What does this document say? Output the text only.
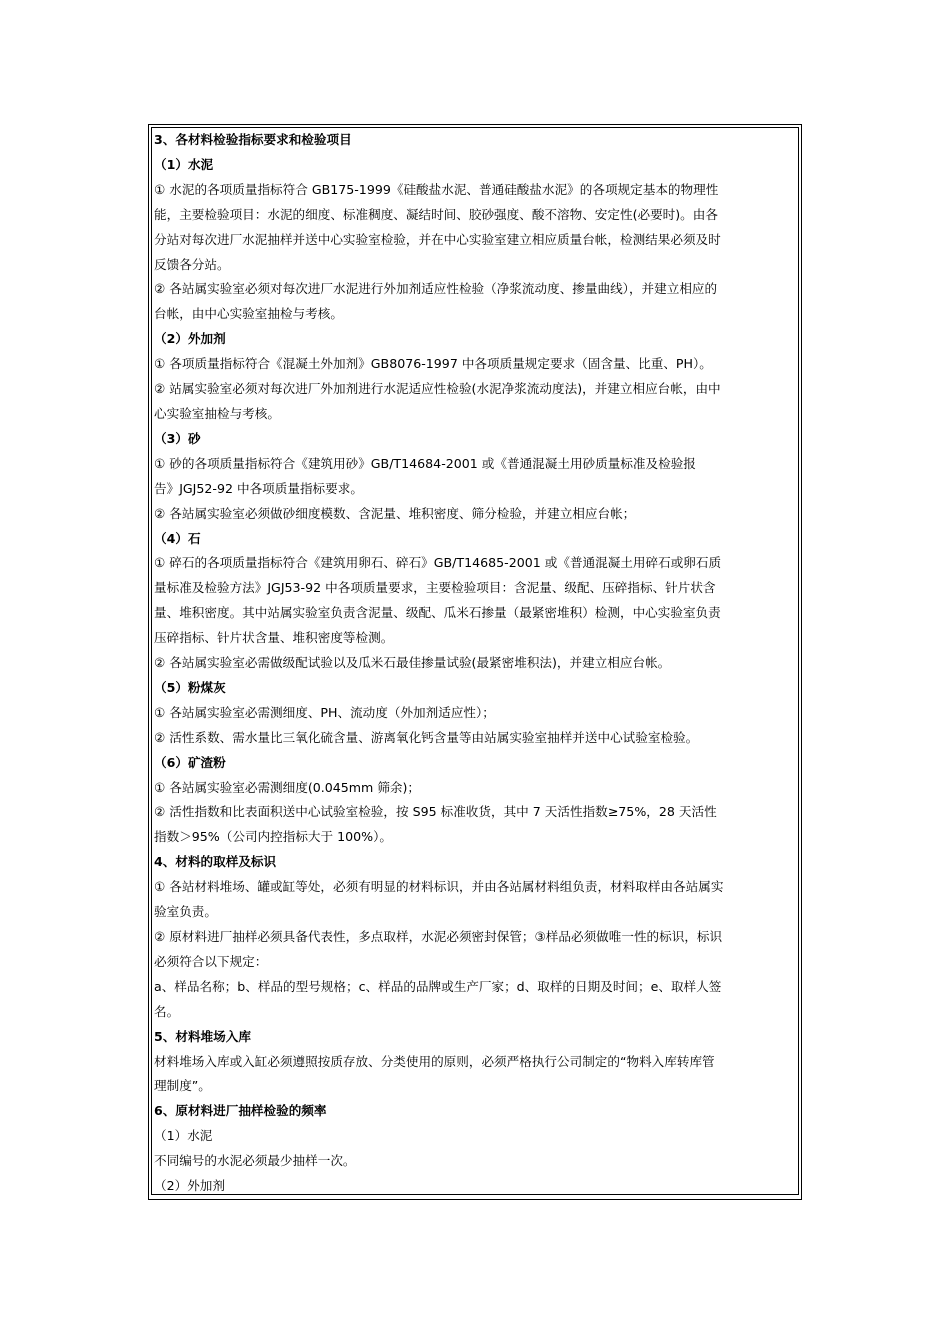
3、各材料检验指标要求和检验项目
（1）水泥
① 水泥的各项质量指标符合 GB175-1999《硅酸盐水泥、普通硅酸盐水泥》的各项规定基本的物理性
能，主要检验项目：水泥的细度、标准稠度、凝结时间、胶砂强度、酸不溶物、安定性(必要时)。由各
分站对每次进厂水泥抽样并送中心实验室检验，并在中心实验室建立相应质量台帐，检测结果必须及时
反馈各分站。
② 各站属实验室必须对每次进厂水泥进行外加剂适应性检验（净浆流动度、掺量曲线），并建立相应的
台帐，由中心实验室抽检与考核。
（2）外加剂
① 各项质量指标符合《混凝土外加剂》GB8076-1997 中各项质量规定要求（固含量、比重、PH）。
② 站属实验室必须对每次进厂外加剂进行水泥适应性检验(水泥净浆流动度法)，并建立相应台帐，由中
心实验室抽检与考核。
（3）砂
① 砂的各项质量指标符合《建筑用砂》GB/T14684-2001 或《普通混凝土用砂质量标准及检验报
告》JGJ52-92 中各项质量指标要求。
② 各站属实验室必须做砂细度模数、含泥量、堆积密度、筛分检验，并建立相应台帐；
（4）石
① 碎石的各项质量指标符合《建筑用卵石、碎石》GB/T14685-2001 或《普通混凝土用碎石或卵石质
量标准及检验方法》JGJ53-92 中各项质量要求，主要检验项目：含泥量、级配、压碎指标、针片状含
量、堆积密度。其中站属实验室负责含泥量、级配、瓜米石掺量（最紧密堆积）检测，中心实验室负责
压碎指标、针片状含量、堆积密度等检测。
② 各站属实验室必需做级配试验以及瓜米石最佳掺量试验(最紧密堆积法)，并建立相应台帐。
（5）粉煤灰
① 各站属实验室必需测细度、PH、流动度（外加剂适应性）；
② 活性系数、需水量比三氧化硫含量、游离氧化钙含量等由站属实验室抽样并送中心试验室检验。
（6）矿渣粉
① 各站属实验室必需测细度(0.045mm 筛余)；
② 活性指数和比表面积送中心试验室检验，按 S95 标准收货，其中 7 天活性指数≥75%，28 天活性
指数＞95%（公司内控指标大于 100%）。
4、材料的取样及标识
① 各站材料堆场、罐或缸等处，必须有明显的材料标识，并由各站属材料组负责，材料取样由各站属实
验室负责。
② 原材料进厂抽样必须具备代表性，多点取样，水泥必须密封保管；③样品必须做唯一性的标识，标识
必须符合以下规定：
a、样品名称；b、样品的型号规格；c、样品的品牌或生产厂家；d、取样的日期及时间；e、取样人签
名。
5、材料堆场入库
材料堆场入库或入缸必须遵照按质存放、分类使用的原则，必须严格执行公司制定的“物料入库转库管
理制度”。
6、原材料进厂抽样检验的频率
（1）水泥
不同编号的水泥必须最少抽样一次。
（2）外加剂
